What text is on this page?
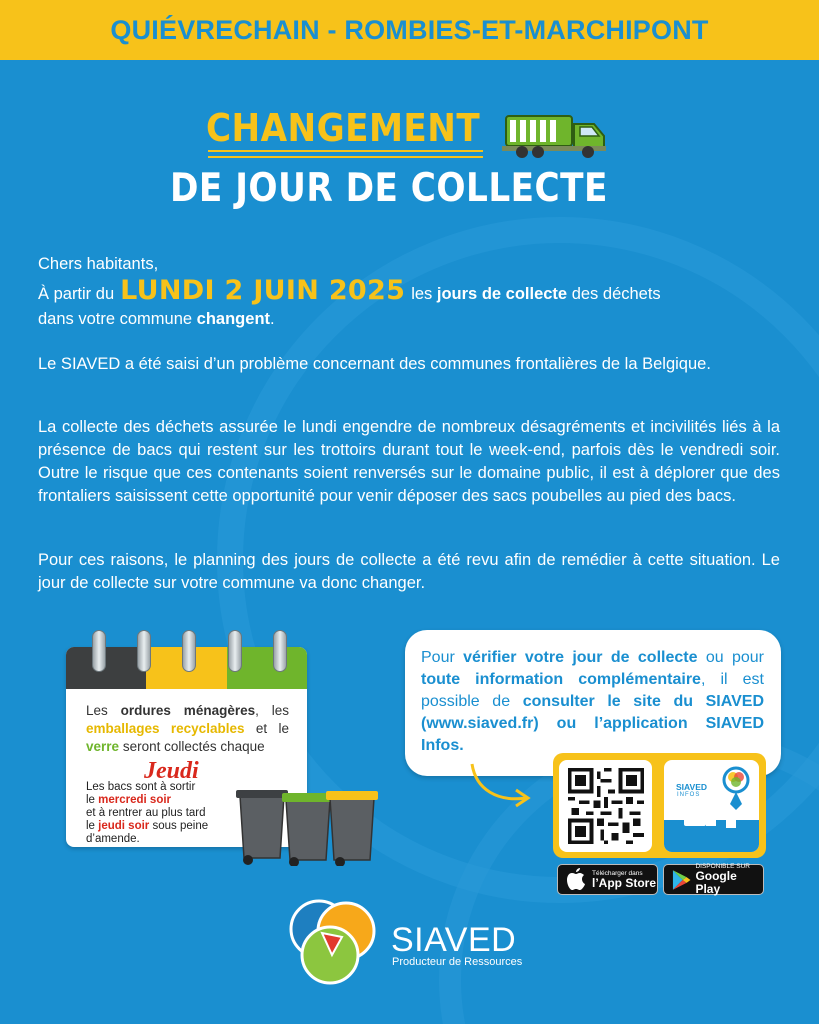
QUIÉVRECHAIN - ROMBIES-ET-MARCHIPONT
CHANGEMENT
DE JOUR DE COLLECTE
Chers habitants,
À partir du LUNDI 2 JUIN 2025 les
jours de collecte
des déchets
dans votre commune changent.
Le SIAVED a été saisi d’un problème concernant des communes frontalières de la Belgique.
La collecte des déchets assurée le lundi engendre de nombreux désagréments et incivilités liés à la présence de bacs qui restent sur les trottoirs durant tout le week-end, parfois dès le vendredi soir. Outre le risque que ces contenants soient renversés sur le domaine public, il est à déplorer que des frontaliers saisissent cette opportunité pour venir déposer des sacs poubelles au pied des bacs.
Pour ces raisons, le planning des jours de collecte a été revu afin de remédier à cette situation. Le jour de collecte sur votre commune va donc changer.
Les ordures ménagères, les emballages recyclables et le verre seront collectés chaque
Jeudi
Les bacs sont à sortir
le mercredi soir
et à rentrer au plus tard
le jeudi soir sous peine d’amende.
Pour vérifier votre jour de collecte ou pour toute information complémentaire, il est possible de consulter le site du SIAVED (www.siaved.fr) ou l’application SIAVED Infos.
SIAVED
INFOS
Télécharger dans
l’App Store
DISPONIBLE SUR
Google Play
SIAVED
Producteur de Ressources
